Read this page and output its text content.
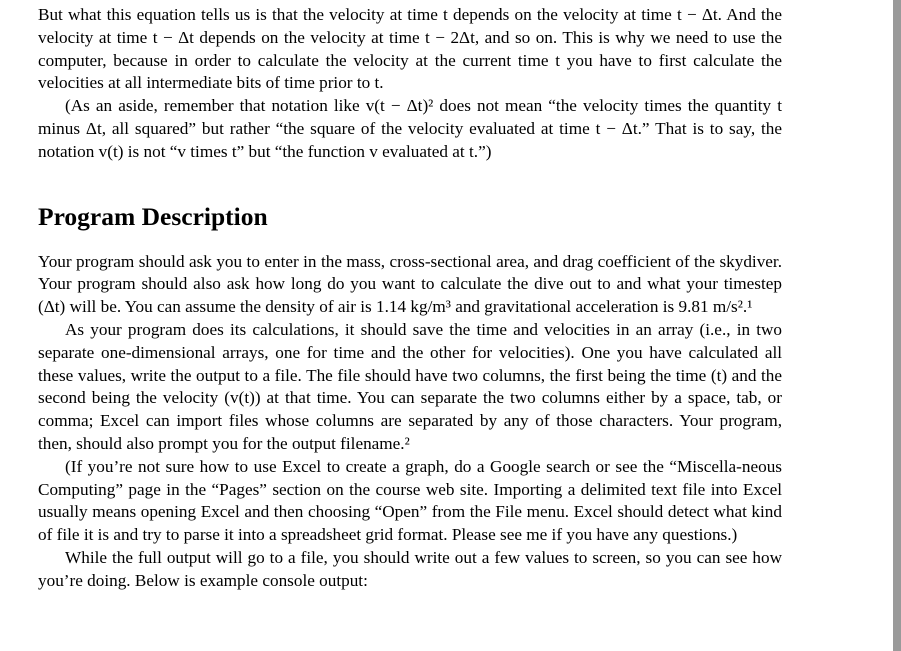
But what this equation tells us is that the velocity at time t depends on the velocity at time t − Δt. And the velocity at time t − Δt depends on the velocity at time t − 2Δt, and so on. This is why we need to use the computer, because in order to calculate the velocity at the current time t you have to first calculate the velocities at all intermediate bits of time prior to t.

(As an aside, remember that notation like v(t − Δt)² does not mean “the velocity times the quantity t minus Δt, all squared” but rather “the square of the velocity evaluated at time t − Δt.” That is to say, the notation v(t) is not “v times t” but “the function v evaluated at t.”)

Program Description

Your program should ask you to enter in the mass, cross-sectional area, and drag coefficient of the skydiver. Your program should also ask how long do you want to calculate the dive out to and what your timestep (Δt) will be. You can assume the density of air is 1.14 kg/m³ and gravitational acceleration is 9.81 m/s².¹

As your program does its calculations, it should save the time and velocities in an array (i.e., in two separate one-dimensional arrays, one for time and the other for velocities). One you have calculated all these values, write the output to a file. The file should have two columns, the first being the time (t) and the second being the velocity (v(t)) at that time. You can separate the two columns either by a space, tab, or comma; Excel can import files whose columns are separated by any of those characters. Your program, then, should also prompt you for the output filename.²

(If you’re not sure how to use Excel to create a graph, do a Google search or see the “Miscella-neous Computing” page in the “Pages” section on the course web site. Importing a delimited text file into Excel usually means opening Excel and then choosing “Open” from the File menu. Excel should detect what kind of file it is and try to parse it into a spreadsheet grid format. Please see me if you have any questions.)

While the full output will go to a file, you should write out a few values to screen, so you can see how you’re doing. Below is example console output:
